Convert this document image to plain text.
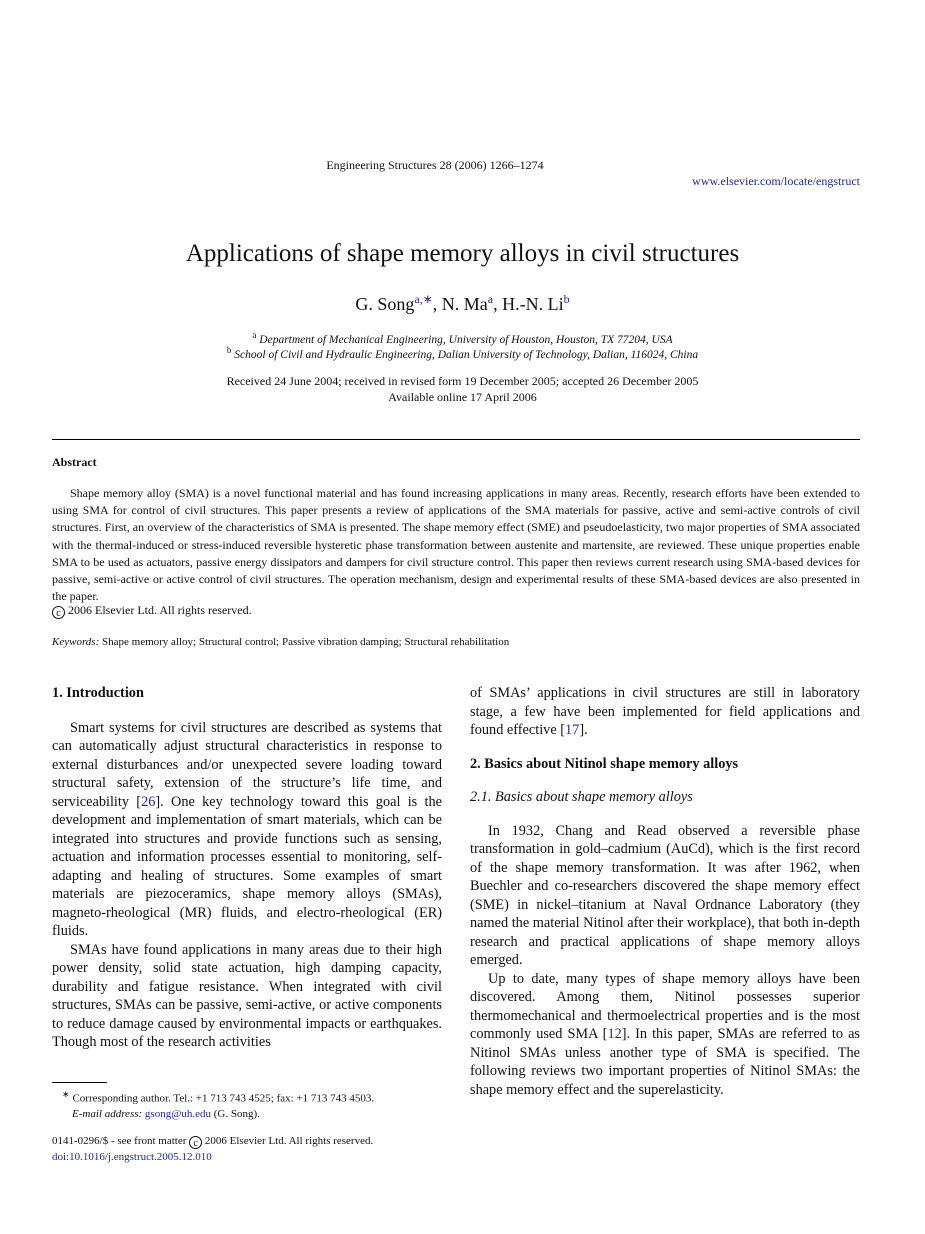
Engineering Structures 28 (2006) 1266–1274
www.elsevier.com/locate/engstruct
Applications of shape memory alloys in civil structures
G. Song$^{a,∗}$, N. Ma$^a$, H.-N. Li$^b$
$^a$ Department of Mechanical Engineering, University of Houston, Houston, TX 77204, USA
$^b$ School of Civil and Hydraulic Engineering, Dalian University of Technology, Dalian, 116024, China
Received 24 June 2004; received in revised form 19 December 2005; accepted 26 December 2005
Available online 17 April 2006
Abstract

Shape memory alloy (SMA) is a novel functional material and has found increasing applications in many areas. Recently, research efforts have been extended to using SMA for control of civil structures. This paper presents a review of applications of the SMA materials for passive, active and semi-active controls of civil structures. First, an overview of the characteristics of SMA is presented. The shape memory effect (SME) and pseudoelasticity, two major properties of SMA associated with the thermal-induced or stress-induced reversible hysteretic phase transformation between austenite and martensite, are reviewed. These unique properties enable SMA to be used as actuators, passive energy dissipators and dampers for civil structure control. This paper then reviews current research using SMA-based devices for passive, semi-active or active control of civil structures. The operation mechanism, design and experimental results of these SMA-based devices are also presented in the paper.

c 2006 Elsevier Ltd. All rights reserved.
Keywords: Shape memory alloy; Structural control; Passive vibration damping; Structural rehabilitation
1. Introduction

Smart systems for civil structures are described as systems that can automatically adjust structural characteristics in response to external disturbances and/or unexpected severe loading toward structural safety, extension of the structure’s life time, and serviceability [26]. One key technology toward this goal is the development and implementation of smart materials, which can be integrated into structures and provide functions such as sensing, actuation and information processes essential to monitoring, self-adapting and healing of structures. Some examples of smart materials are piezoceramics, shape memory alloys (SMAs), magneto-rheological (MR) fluids, and electro-rheological (ER) fluids.

SMAs have found applications in many areas due to their high power density, solid state actuation, high damping capacity, durability and fatigue resistance. When integrated with civil structures, SMAs can be passive, semi-active, or active components to reduce damage caused by environmental impacts or earthquakes. Though most of the research activities

of SMAs’ applications in civil structures are still in laboratory stage, a few have been implemented for field applications and found effective [17].

2. Basics about Nitinol shape memory alloys
2.1. Basics about shape memory alloys

In 1932, Chang and Read observed a reversible phase transformation in gold–cadmium (AuCd), which is the first record of the shape memory transformation. It was after 1962, when Buechler and co-researchers discovered the shape memory effect (SME) in nickel–titanium at Naval Ordnance Laboratory (they named the material Nitinol after their workplace), that both in-depth research and practical applications of shape memory alloys emerged.

Up to date, many types of shape memory alloys have been discovered. Among them, Nitinol possesses superior thermomechanical and thermoelectrical properties and is the most commonly used SMA [12]. In this paper, SMAs are referred to as Nitinol SMAs unless another type of SMA is specified. The following reviews two important properties of Nitinol SMAs: the shape memory effect and the superelasticity.

∗ Corresponding author. Tel.: +1 713 743 4525; fax: +1 713 743 4503.
E-mail address: gsong@uh.edu (G. Song).
0141-0296/$ - see front matter c 2006 Elsevier Ltd. All rights reserved.
doi:10.1016/j.engstruct.2005.12.010
